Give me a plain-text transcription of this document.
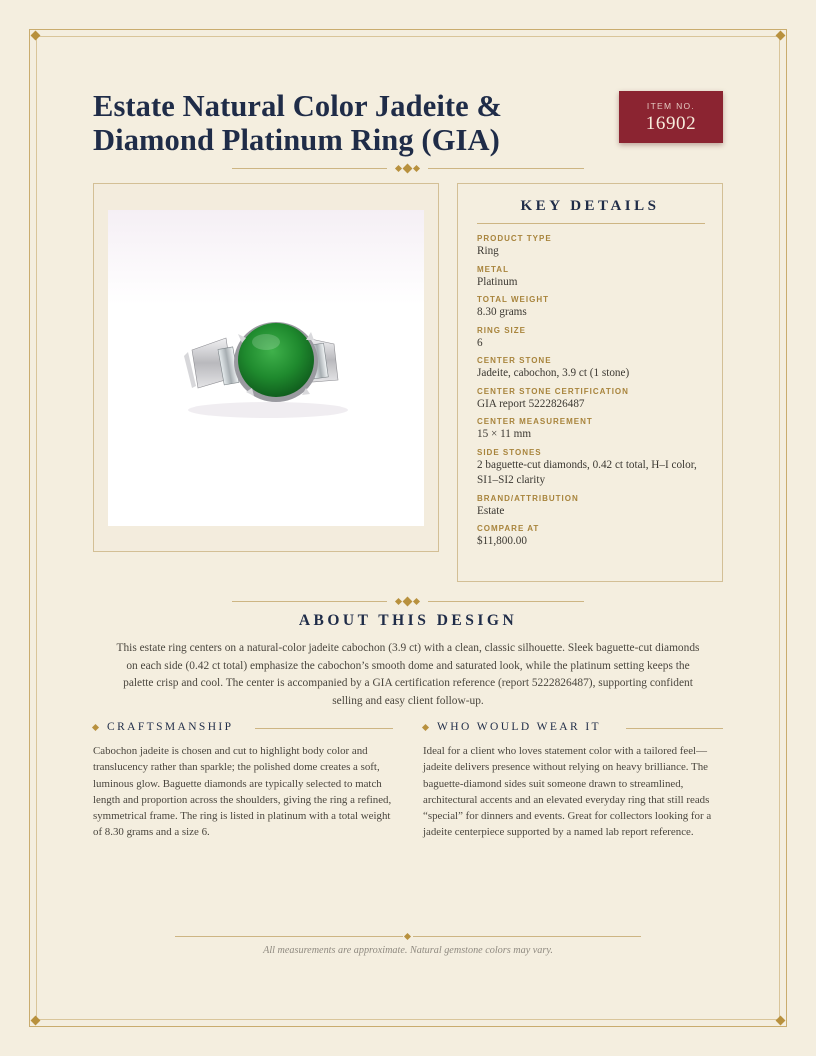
Estate Natural Color Jadeite & Diamond Platinum Ring (GIA)
ITEM NO.
16902
KEY DETAILS
PRODUCT TYPE
Ring
METAL
Platinum
TOTAL WEIGHT
8.30 grams
RING SIZE
6
CENTER STONE
Jadeite, cabochon, 3.9 ct (1 stone)
CENTER STONE CERTIFICATION
GIA report 5222826487
CENTER MEASUREMENT
15 × 11 mm
SIDE STONES
2 baguette-cut diamonds, 0.42 ct total, H–I color, SI1–SI2 clarity
BRAND/ATTRIBUTION
Estate
COMPARE AT
$11,800.00
ABOUT THIS DESIGN

This estate ring centers on a natural-color jadeite cabochon (3.9 ct) with a clean, classic silhouette. Sleek baguette-cut diamonds on each side (0.42 ct total) emphasize the cabochon’s smooth dome and saturated look, while the platinum setting keeps the palette crisp and cool. The center is accompanied by a GIA certification reference (report 5222826487), supporting confident selling and easy client follow-up.

CRAFTSMANSHIP

Cabochon jadeite is chosen and cut to highlight body color and translucency rather than sparkle; the polished dome creates a soft, luminous glow. Baguette diamonds are typically selected to match length and proportion across the shoulders, giving the ring a refined, symmetrical frame. The ring is listed in platinum with a total weight of 8.30 grams and a size 6.

WHO WOULD WEAR IT

Ideal for a client who loves statement color with a tailored feel—jadeite delivers presence without relying on heavy brilliance. The baguette-diamond sides suit someone drawn to streamlined, architectural accents and an elevated everyday ring that still reads “special” for dinners and events. Great for collectors looking for a jadeite centerpiece supported by a named lab report reference.

All measurements are approximate. Natural gemstone colors may vary.
